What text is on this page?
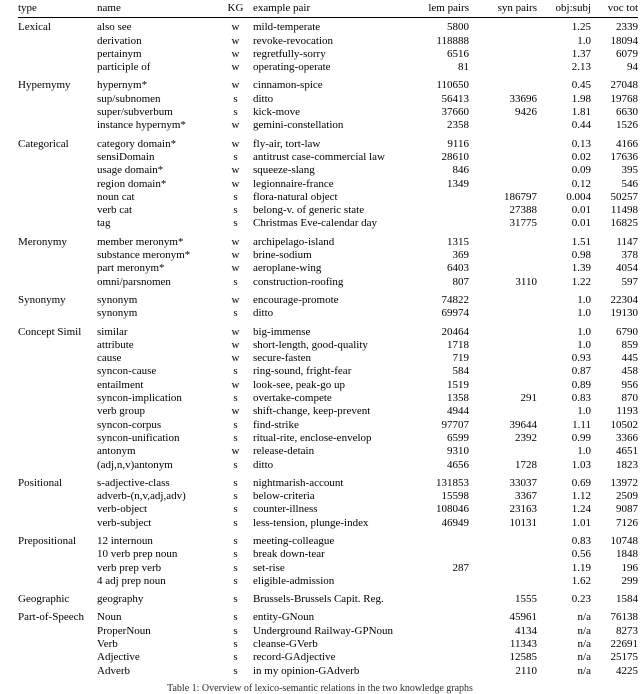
type	name	KG	example pair	lem pairs	syn pairs	obj:subj	voc tot
Lexical	also see	w	mild-temperate	5800		1.25	2339
	derivation	w	revoke-revocation	118888		1.0	18094
	pertainym	w	regretfully-sorry	6516		1.37	6079
	participle of	w	operating-operate	81		2.13	94
Hypernymy	hypernym*	w	cinnamon-spice	110650		0.45	27048
	sup/subnomen	s	ditto	56413	33696	1.98	19768
	super/subverbum	s	kick-move	37660	9426	1.81	6630
	instance hypernym*	w	gemini-constellation	2358		0.44	1526
Categorical	category domain*	w	fly-air, tort-law	9116		0.13	4166
	sensiDomain	s	antitrust case-commercial law	28610		0.02	17636
	usage domain*	w	squeeze-slang	846		0.09	395
	region domain*	w	legionnaire-france	1349		0.12	546
	noun cat	s	flora-natural object		186797	0.004	50257
	verb cat	s	belong-v. of generic state		27388	0.01	11498
	tag	s	Christmas Eve-calendar day		31775	0.01	16825
Meronymy	member meronym*	w	archipelago-island	1315		1.51	1147
	substance meronym*	w	brine-sodium	369		0.98	378
	part meronym*	w	aeroplane-wing	6403		1.39	4054
	omni/parsnomen	s	construction-roofing	807	3110	1.22	597
Synonymy	synonym	w	encourage-promote	74822		1.0	22304
	synonym	s	ditto	69974		1.0	19130
Concept Simil	similar	w	big-immense	20464		1.0	6790
	attribute	w	short-length, good-quality	1718		1.0	859
	cause	w	secure-fasten	719		0.93	445
	syncon-cause	s	ring-sound, fright-fear	584		0.87	458
	entailment	w	look-see, peak-go up	1519		0.89	956
	syncon-implication	s	overtake-compete	1358	291	0.83	870
	verb group	w	shift-change, keep-prevent	4944		1.0	1193
	syncon-corpus	s	find-strike	97707	39644	1.11	10502
	syncon-unification	s	ritual-rite, enclose-envelop	6599	2392	0.99	3366
	antonym	w	release-detain	9310		1.0	4651
	(adj,n,v)antonym	s	ditto	4656	1728	1.03	1823
Positional	s-adjective-class	s	nightmarish-account	131853	33037	0.69	13972
	adverb-(n,v,adj,adv)	s	below-criteria	15598	3367	1.12	2509
	verb-object	s	counter-illness	108046	23163	1.24	9087
	verb-subject	s	less-tension, plunge-index	46949	10131	1.01	7126
Prepositional	12 internoun	s	meeting-colleague			0.83	10748
	10 verb prep noun	s	break down-tear			0.56	1848
	verb prep verb	s	set-rise	287		1.19	196
	4 adj prep noun	s	eligible-admission			1.62	299
Geographic	geography	s	Brussels-Brussels Capit. Reg.		1555	0.23	1584
Part-of-Speech	Noun	s	entity-GNoun		45961	n/a	76138
	ProperNoun	s	Underground Railway-GPNoun		4134	n/a	8273
	Verb	s	cleanse-GVerb		11343	n/a	22691
	Adjective	s	record-GAdjective		12585	n/a	25175
	Adverb	s	in my opinion-GAdverb		2110	n/a	4225
Table 1: Overview of lexico-semantic relations in the two knowledge graphs
